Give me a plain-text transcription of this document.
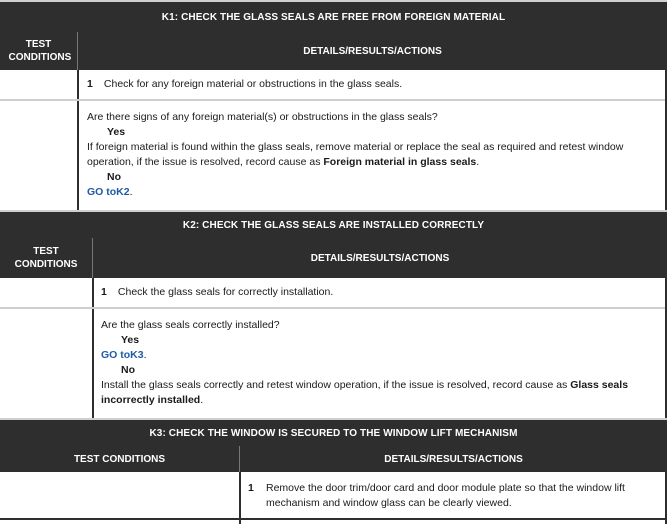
K1: CHECK THE GLASS SEALS ARE FREE FROM FOREIGN MATERIAL
TEST CONDITIONS
DETAILS/RESULTS/ACTIONS
1 Check for any foreign material or obstructions in the glass seals.
Are there signs of any foreign material(s) or obstructions in the glass seals?
Yes
If foreign material is found within the glass seals, remove material or replace the seal as required and retest window operation, if the issue is resolved, record cause as Foreign material in glass seals.
No
GO toK2.
K2: CHECK THE GLASS SEALS ARE INSTALLED CORRECTLY
TEST CONDITIONS
DETAILS/RESULTS/ACTIONS
1 Check the glass seals for correctly installation.
Are the glass seals correctly installed?
Yes
GO toK3.
No
Install the glass seals correctly and retest window operation, if the issue is resolved, record cause as Glass seals incorrectly installed.
K3: CHECK THE WINDOW IS SECURED TO THE WINDOW LIFT MECHANISM
TEST CONDITIONS	DETAILS/RESULTS/ACTIONS
1	Remove the door trim/door card and door module plate so that the window lift mechanism and window glass can be clearly viewed.
